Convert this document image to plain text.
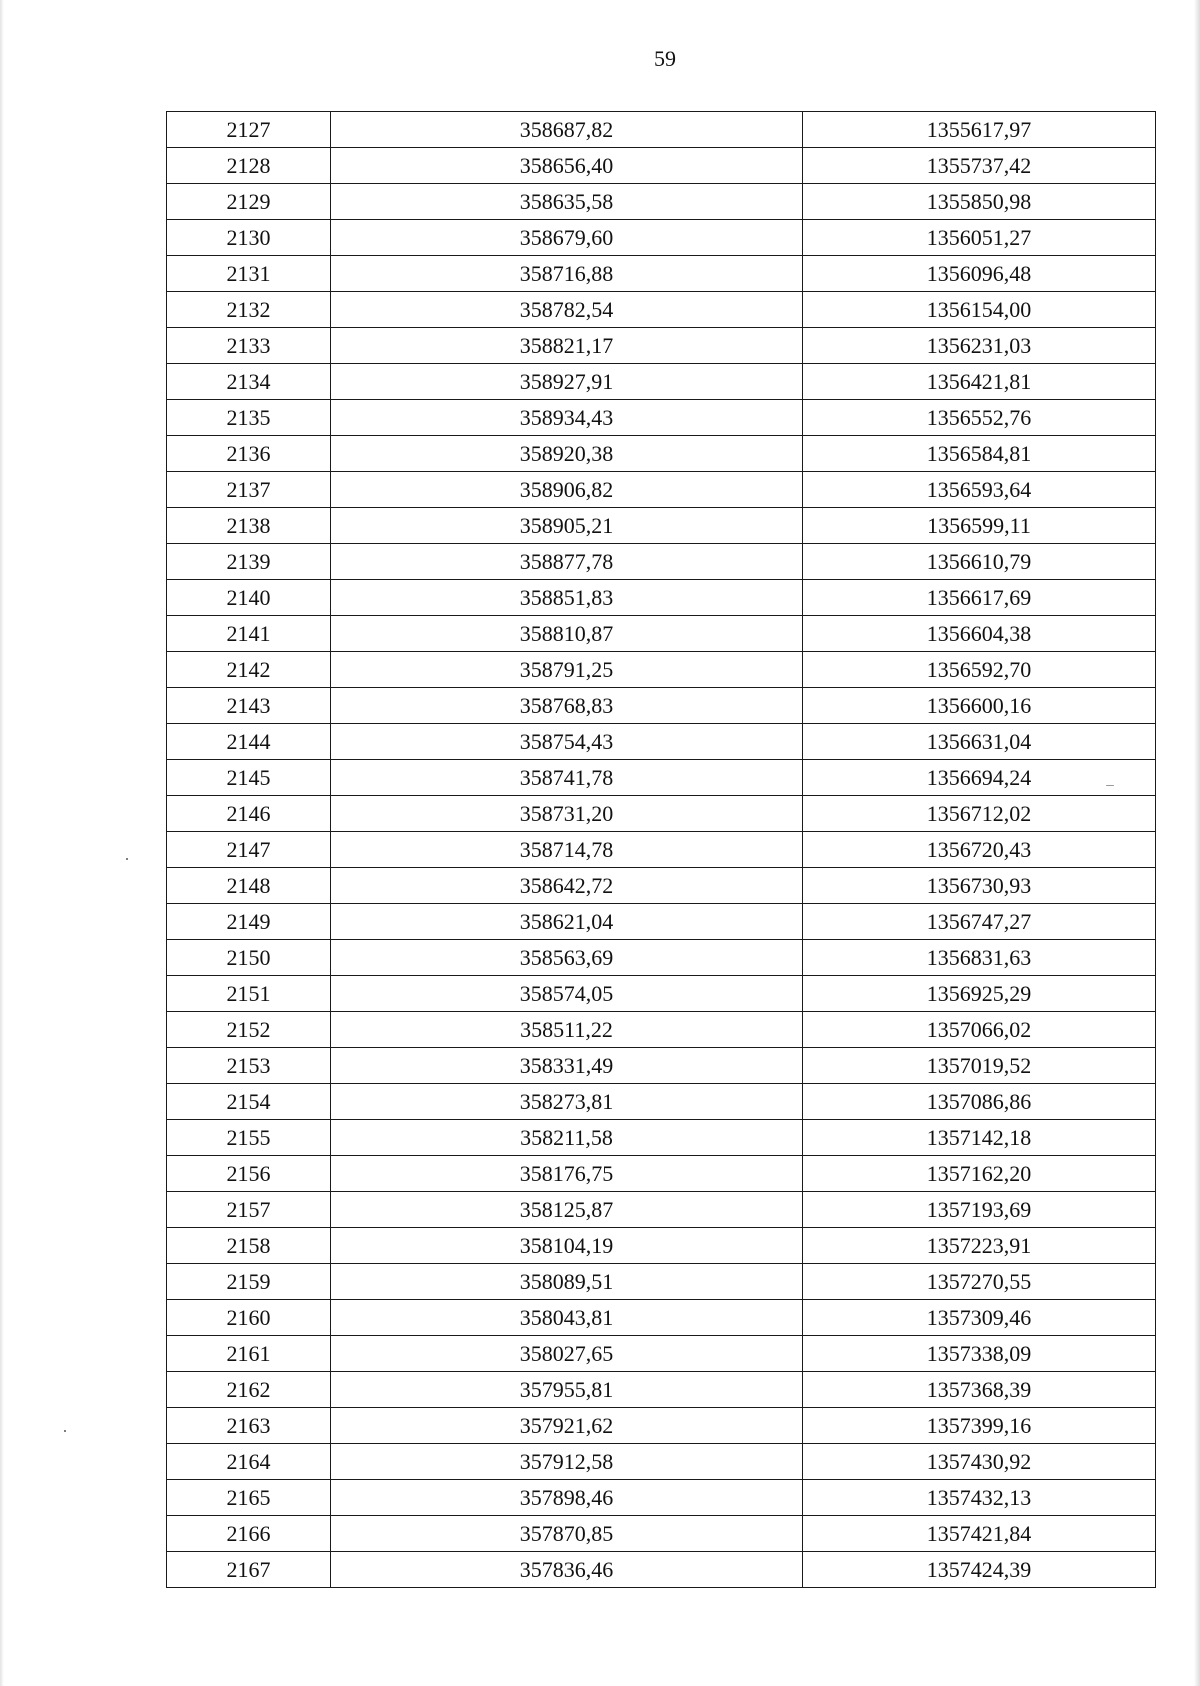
59
2127	358687,82	1355617,97
2128	358656,40	1355737,42
2129	358635,58	1355850,98
2130	358679,60	1356051,27
2131	358716,88	1356096,48
2132	358782,54	1356154,00
2133	358821,17	1356231,03
2134	358927,91	1356421,81
2135	358934,43	1356552,76
2136	358920,38	1356584,81
2137	358906,82	1356593,64
2138	358905,21	1356599,11
2139	358877,78	1356610,79
2140	358851,83	1356617,69
2141	358810,87	1356604,38
2142	358791,25	1356592,70
2143	358768,83	1356600,16
2144	358754,43	1356631,04
2145	358741,78	1356694,24
2146	358731,20	1356712,02
2147	358714,78	1356720,43
2148	358642,72	1356730,93
2149	358621,04	1356747,27
2150	358563,69	1356831,63
2151	358574,05	1356925,29
2152	358511,22	1357066,02
2153	358331,49	1357019,52
2154	358273,81	1357086,86
2155	358211,58	1357142,18
2156	358176,75	1357162,20
2157	358125,87	1357193,69
2158	358104,19	1357223,91
2159	358089,51	1357270,55
2160	358043,81	1357309,46
2161	358027,65	1357338,09
2162	357955,81	1357368,39
2163	357921,62	1357399,16
2164	357912,58	1357430,92
2165	357898,46	1357432,13
2166	357870,85	1357421,84
2167	357836,46	1357424,39
